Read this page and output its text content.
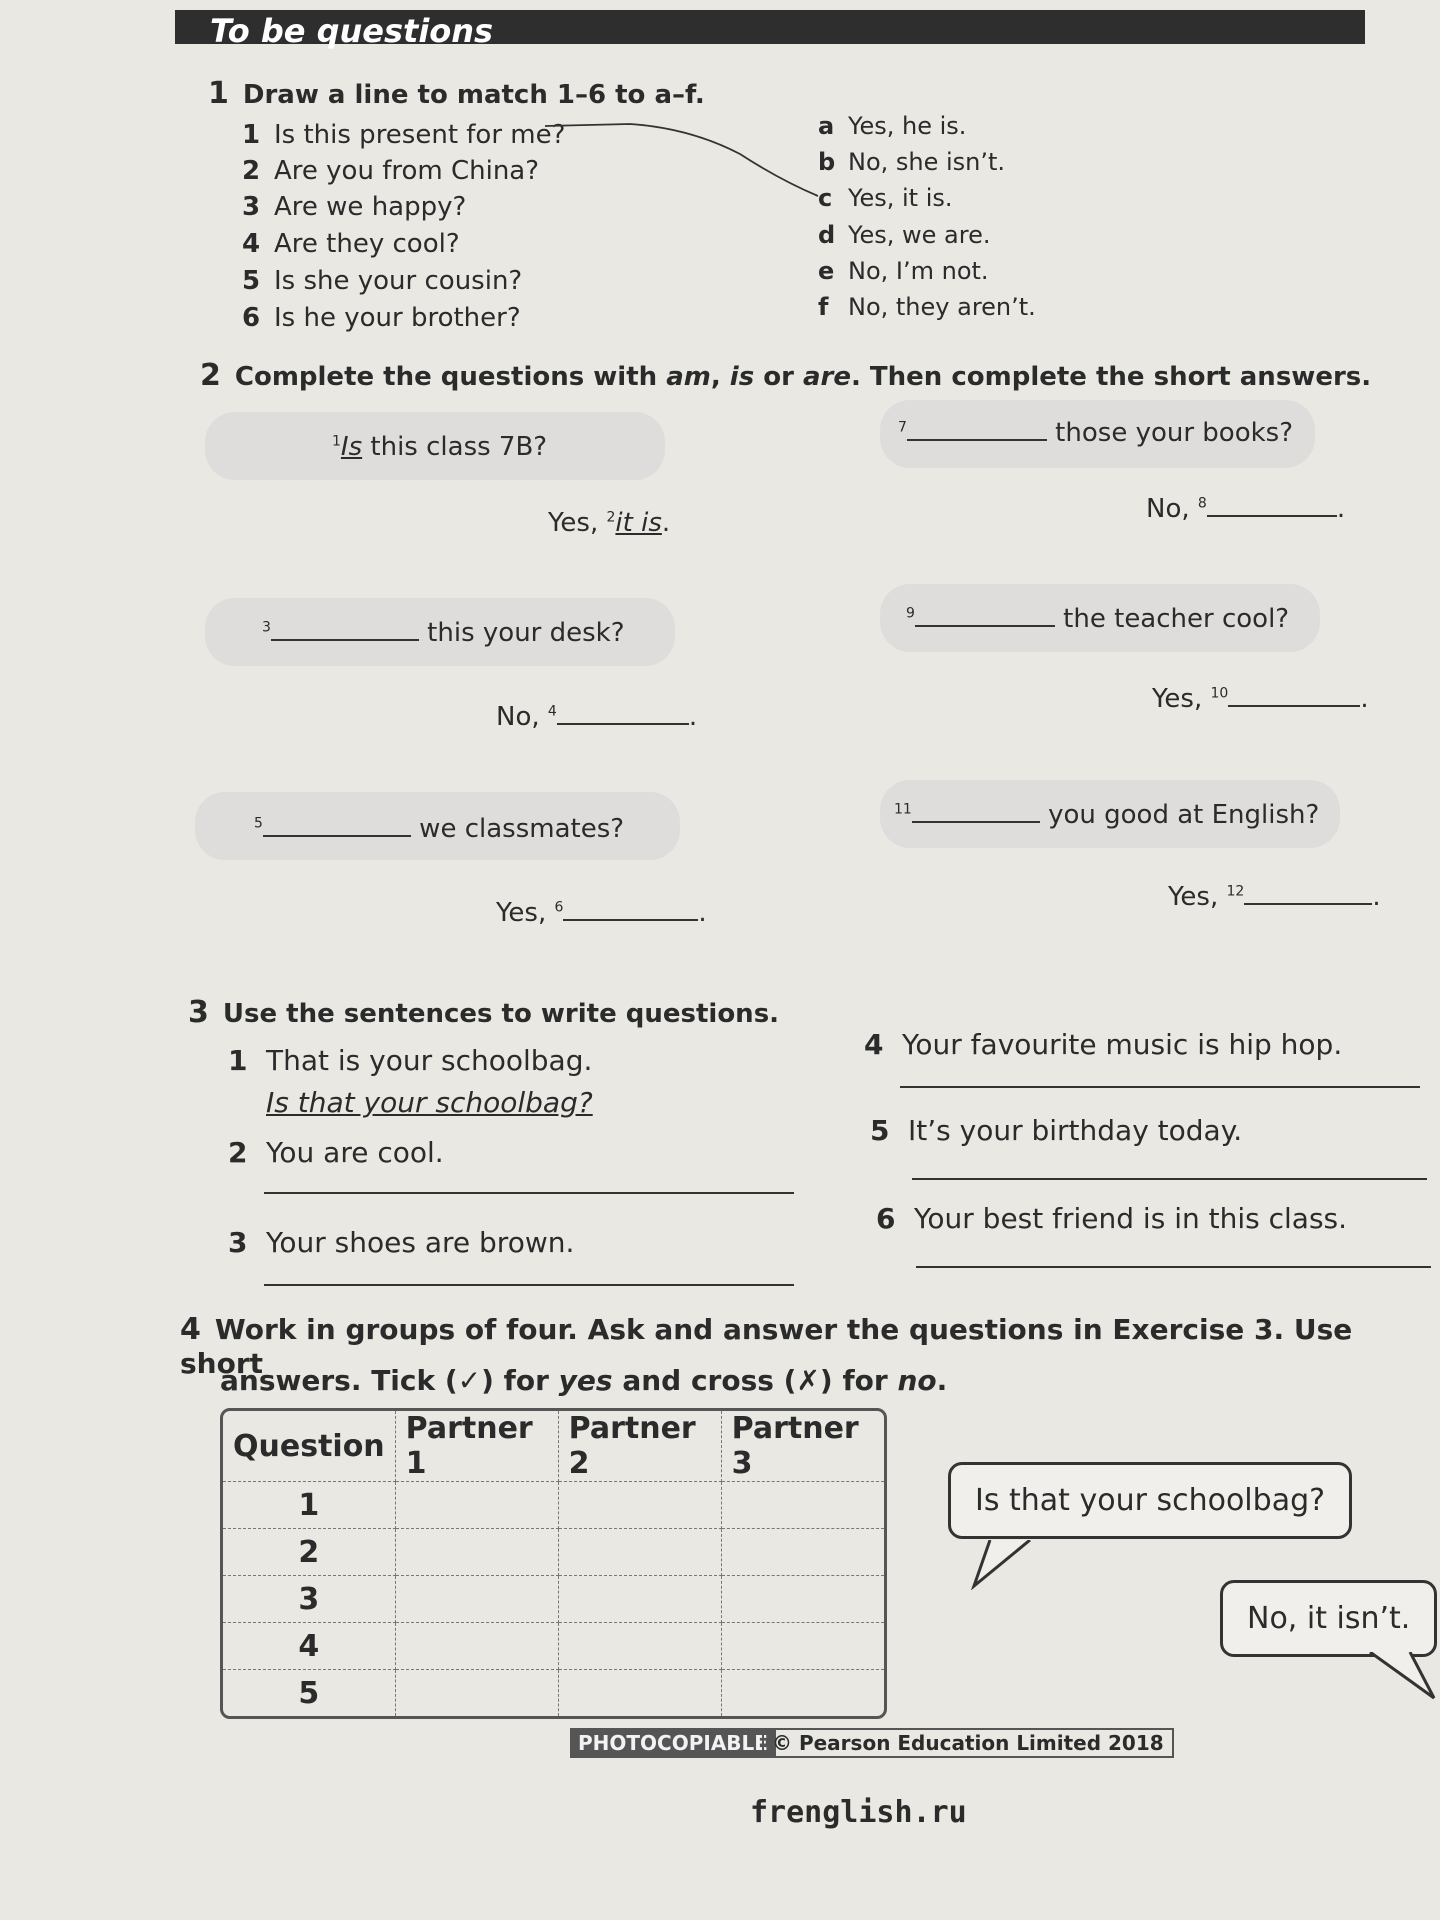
To be questions
1 Draw a line to match 1–6 to a–f.
1 Is this present for me?
2 Are you from China?
3 Are we happy?
4 Are they cool?
5 Is she your cousin?
6 Is he your brother?
a Yes, he is.
b No, she isn’t.
c Yes, it is.
d Yes, we are.
e No, I’m not.
f No, they aren’t.
2 Complete the questions with am, is or are. Then complete the short answers.
$^1$Is this class 7B?
Yes, $^2$it is.
$^3$	this your desk?
No, $^4$	.
$^5$	we classmates?
Yes, $^6$	.
$^7$	those your books?
No, $^8$	.
$^9$	the teacher cool?
Yes, $^{10}$	.
$^{11}$	you good at English?
Yes, $^{12}$	.
3 Use the sentences to write questions.
1 That is your schoolbag.
Is that your schoolbag?
2 You are cool.
3 Your shoes are brown.
4 Your favourite music is hip hop.
5 It’s your birthday today.
6 Your best friend is in this class.
4 Work in groups of four. Ask and answer the questions in Exercise 3. Use short
answers. Tick (✓) for yes and cross (✗) for no.
Question	Partner 1	Partner 2	Partner 3
1			
2			
3			
4			
5			
Is that your schoolbag?
No, it isn’t.
PHOTOCOPIABLE © Pearson Education Limited 2018
frenglish.ru
